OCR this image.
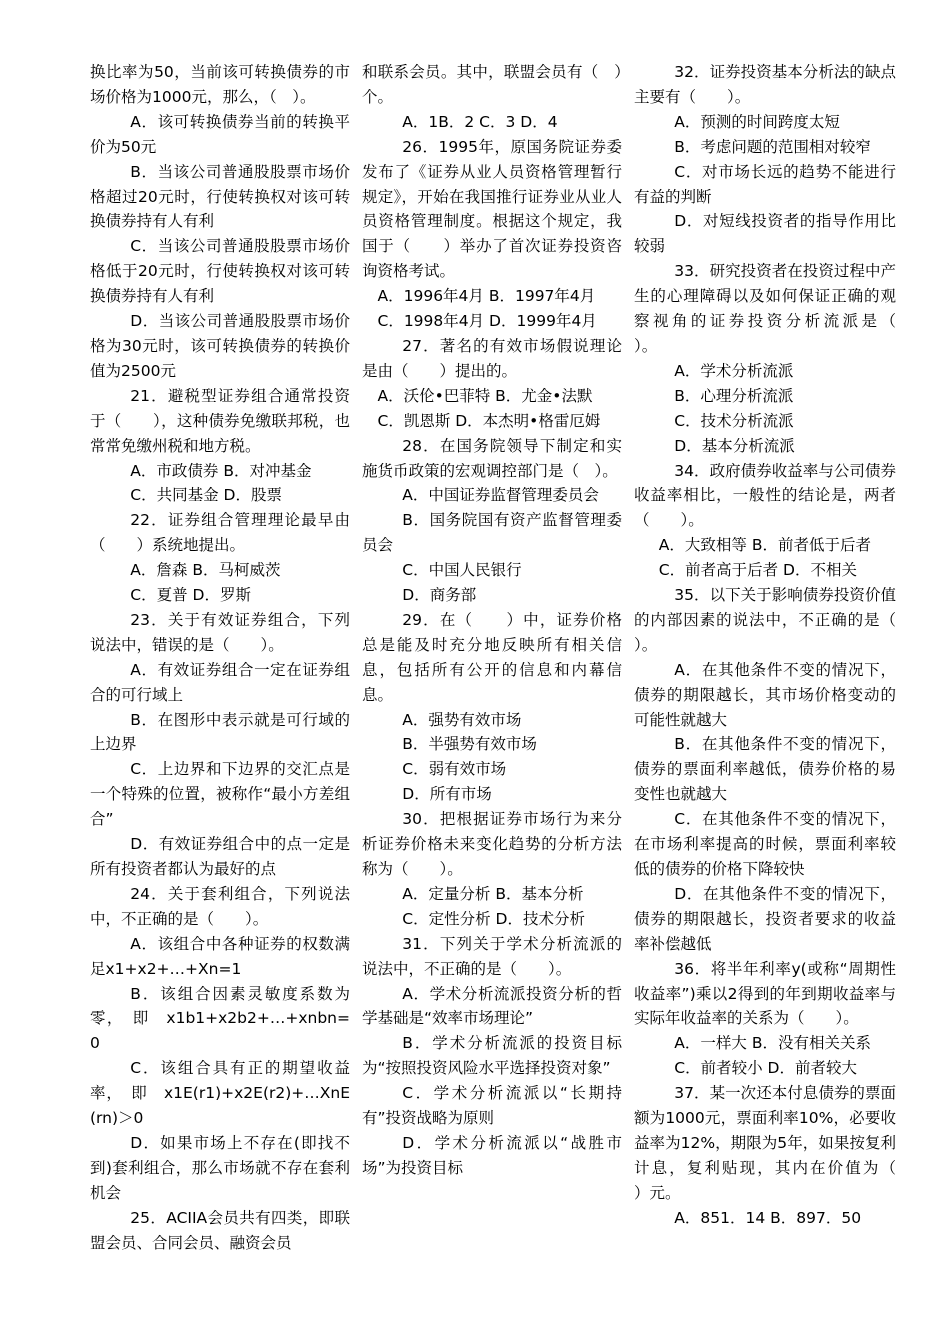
换比率为50，当前该可转换债券的市场价格为1000元，那么，（　）。

A．该可转换债券当前的转换平价为50元

B．当该公司普通股股票市场价格超过20元时，行使转换权对该可转换债券持有人有利

C．当该公司普通股股票市场价格低于20元时，行使转换权对该可转换债券持有人有利

D．当该公司普通股股票市场价格为30元时，该可转换债券的转换价值为2500元

21．避税型证券组合通常投资于（　　），这种债券免缴联邦税，也常常免缴州税和地方税。

A．市政债券 B．对冲基金

C．共同基金 D．股票

22．证券组合管理理论最早由（　　）系统地提出。

A．詹森 B．马柯威茨

C．夏普 D．罗斯

23．关于有效证券组合，下列说法中，错误的是（　　）。

A．有效证券组合一定在证券组合的可行域上

B．在图形中表示就是可行域的上边界

C．上边界和下边界的交汇点是一个特殊的位置，被称作“最小方差组合”

D．有效证券组合中的点一定是所有投资者都认为最好的点

24．关于套利组合，下列说法中，不正确的是（　　）。

A．该组合中各种证券的权数满足x1+x2+…+Xn=1

B．该组合因素灵敏度系数为零，　即　x1b1+x2b2+…+xnbn=0

C．该组合具有正的期望收益率，　即　x1E(r1)+x2E(r2)+…XnE(rn)＞0

D．如果市场上不存在(即找不到)套利组合，那么市场就不存在套利机会

25．ACIIA会员共有四类，即联盟会员、合同会员、融资会员

和联系会员。其中，联盟会员有（　）个。

A．1B．2 C．3 D．4

26．1995年，原国务院证券委发布了《证券从业人员资格管理暂行规定》，开始在我国推行证券业从业人员资格管理制度。根据这个规定，我国于（　　）举办了首次证券投资咨询资格考试。

A．1996年4月 B．1997年4月

C．1998年4月 D．1999年4月

27．著名的有效市场假说理论是由（　　）提出的。

A．沃伦•巴菲特 B．尤金•法默

C．凯恩斯 D．本杰明•格雷厄姆

28．在国务院领导下制定和实施货币政策的宏观调控部门是（　）。

A．中国证券监督管理委员会

B．国务院国有资产监督管理委员会

C．中国人民银行

D．商务部

29．在（　　）中，证券价格总是能及时充分地反映所有相关信息，包括所有公开的信息和内幕信息。

A．强势有效市场

B．半强势有效市场

C．弱有效市场

D．所有市场

30．把根据证券市场行为来分析证券价格未来变化趋势的分析方法称为（　　）。

A．定量分析 B．基本分析

C．定性分析 D．技术分析

31．下列关于学术分析流派的说法中，不正确的是（　　）。

A．学术分析流派投资分析的哲学基础是“效率市场理论”

B．学术分析流派的投资目标为“按照投资风险水平选择投资对象”

C．学术分析流派以“长期持有”投资战略为原则

D．学术分析流派以“战胜市场”为投资目标

32．证券投资基本分析法的缺点主要有（　　）。

A．预测的时间跨度太短

B．考虑问题的范围相对较窄

C．对市场长远的趋势不能进行有益的判断

D．对短线投资者的指导作用比较弱

33．研究投资者在投资过程中产生的心理障碍以及如何保证正确的观察视角的证券投资分析流派是（　　）。

A．学术分析流派

B．心理分析流派

C．技术分析流派

D．基本分析流派

34．政府债券收益率与公司债券收益率相比，一般性的结论是，两者（　　）。

A．大致相等 B．前者低于后者

C．前者高于后者 D．不相关

35．以下关于影响债券投资价值的内部因素的说法中，不正确的是（　　）。

A．在其他条件不变的情况下，债券的期限越长，其市场价格变动的可能性就越大

B．在其他条件不变的情况下，债券的票面利率越低，债券价格的易变性也就越大

C．在其他条件不变的情况下，在市场利率提高的时候，票面利率较低的债券的价格下降较快

D．在其他条件不变的情况下，债券的期限越长，投资者要求的收益率补偿越低

36．将半年利率y(或称“周期性收益率”)乘以2得到的年到期收益率与实际年收益率的关系为（　　）。

A．一样大 B．没有相关关系

C．前者较小 D．前者较大

37．某一次还本付息债券的票面额为1000元，票面利率10%，必要收益率为12%，期限为5年，如果按复利计息，复利贴现，其内在价值为（　　）元。

A．851．14 B．897．50
